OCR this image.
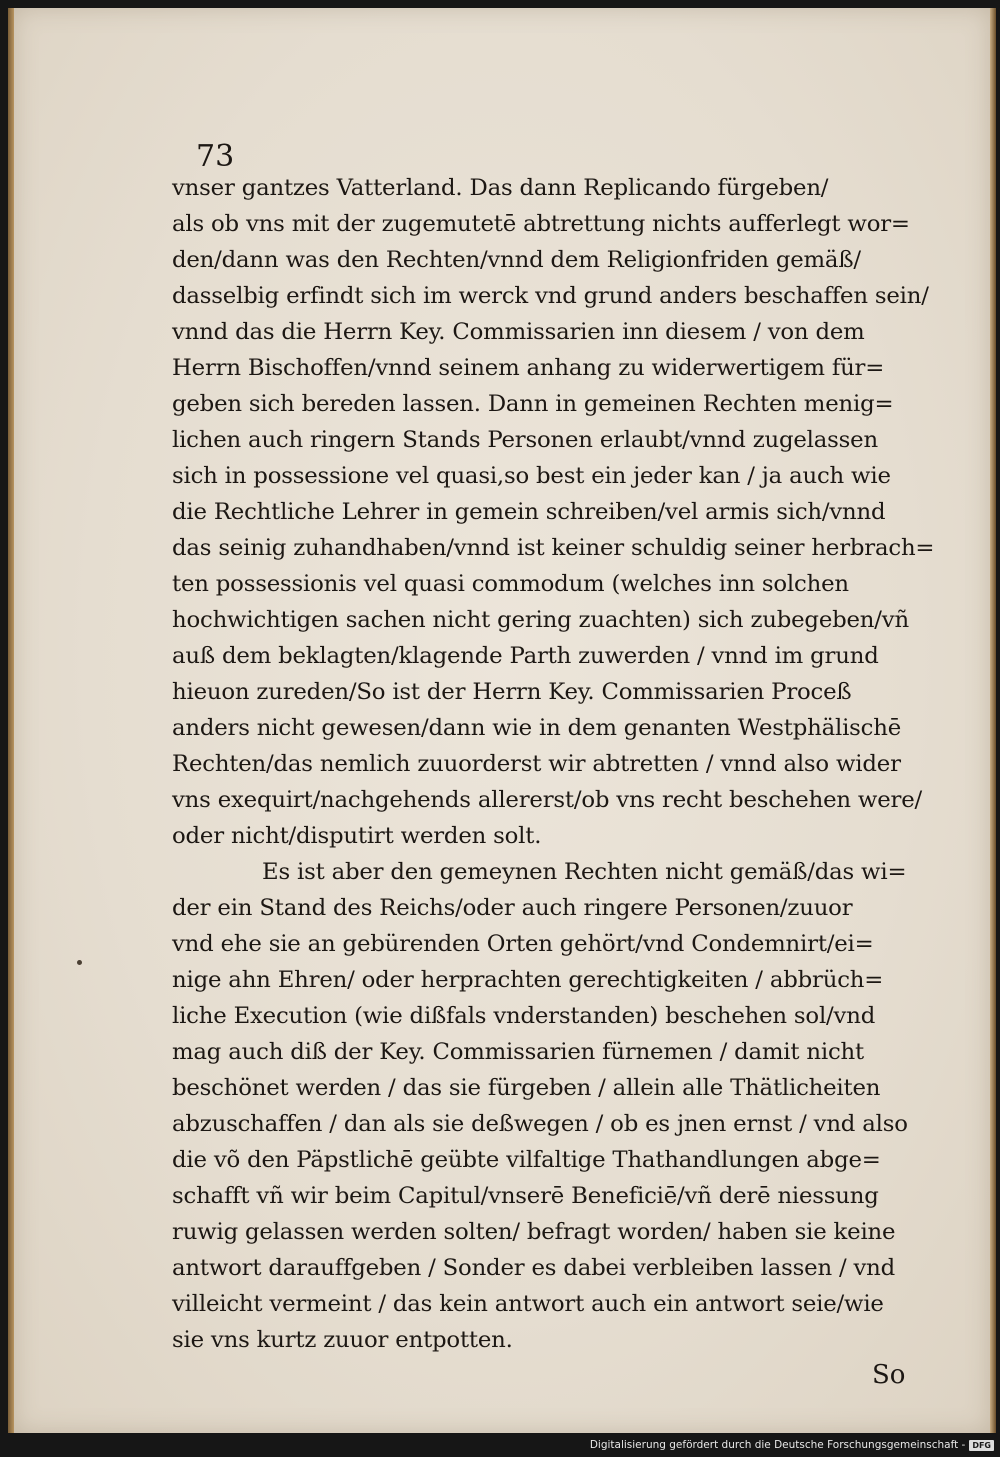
73
vnser gantzes Vatterland. Das dann Replicando fürgeben/
als ob vns mit der zugemutetē abtrettung nichts aufferlegt wor=
den/dann was den Rechten/vnnd dem Religionfriden gemäß/
dasselbig erfindt sich im werck vnd grund anders beschaffen sein/
vnnd das die Herrn Key. Commissarien inn diesem / von dem
Herrn Bischoffen/vnnd seinem anhang zu widerwertigem für=
geben sich bereden lassen. Dann in gemeinen Rechten menig=
lichen auch ringern Stands Personen erlaubt/vnnd zugelassen
sich in possessione vel quasi,so best ein jeder kan / ja auch wie
die Rechtliche Lehrer in gemein schreiben/vel armis sich/vnnd
das seinig zuhandhaben/vnnd ist keiner schuldig seiner herbrach=
ten possessionis vel quasi commodum (welches inn solchen
hochwichtigen sachen nicht gering zuachten) sich zubegeben/vñ
auß dem beklagten/klagende Parth zuwerden / vnnd im grund
hieuon zureden/So ist der Herrn Key. Commissarien Proceß
anders nicht gewesen/dann wie in dem genanten Westphälischē
Rechten/das nemlich zuuorderst wir abtretten / vnnd also wider
vns exequirt/nachgehends allererst/ob vns recht beschehen were/
oder nicht/disputirt werden solt.
Es ist aber den gemeynen Rechten nicht gemäß/das wi=
der ein Stand des Reichs/oder auch ringere Personen/zuuor
vnd ehe sie an gebürenden Orten gehört/vnd Condemnirt/ei=
nige ahn Ehren/ oder herprachten gerechtigkeiten / abbrüch=
liche Execution (wie dißfals vnderstanden) beschehen sol/vnd
mag auch diß der Key. Commissarien fürnemen / damit nicht
beschönet werden / das sie fürgeben / allein alle Thätlicheiten
abzuschaffen / dan als sie deßwegen / ob es jnen ernst / vnd also
die võ den Päpstlichē geübte vilfaltige Thathandlungen abge=
schafft vñ wir beim Capitul/vnserē Beneficiē/vñ derē niessung
ruwig gelassen werden solten/ befragt worden/ haben sie keine
antwort darauffgeben / Sonder es dabei verbleiben lassen / vnd
villeicht vermeint / das kein antwort auch ein antwort seie/wie
sie vns kurtz zuuor entpotten.
So
Digitalisierung gefördert durch die Deutsche Forschungsgemeinschaft - DFG
